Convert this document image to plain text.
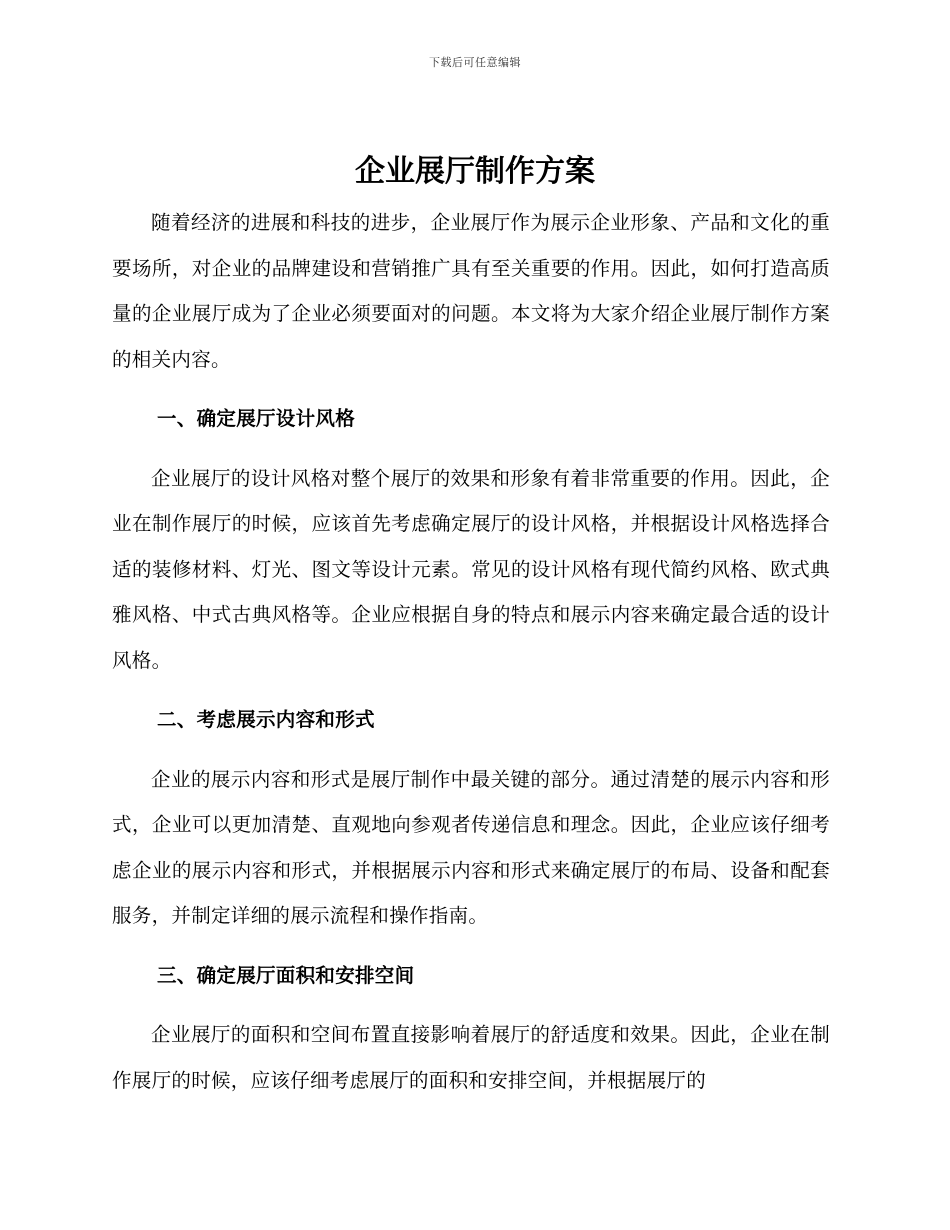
下载后可任意编辑
企业展厅制作方案

随着经济的进展和科技的进步，企业展厅作为展示企业形象、产品和文化的重要场所，对企业的品牌建设和营销推广具有至关重要的作用。因此，如何打造高质量的企业展厅成为了企业必须要面对的问题。本文将为大家介绍企业展厅制作方案的相关内容。

一、确定展厅设计风格

企业展厅的设计风格对整个展厅的效果和形象有着非常重要的作用。因此，企业在制作展厅的时候，应该首先考虑确定展厅的设计风格，并根据设计风格选择合适的装修材料、灯光、图文等设计元素。常见的设计风格有现代简约风格、欧式典雅风格、中式古典风格等。企业应根据自身的特点和展示内容来确定最合适的设计风格。

二、考虑展示内容和形式

企业的展示内容和形式是展厅制作中最关键的部分。通过清楚的展示内容和形式，企业可以更加清楚、直观地向参观者传递信息和理念。因此，企业应该仔细考虑企业的展示内容和形式，并根据展示内容和形式来确定展厅的布局、设备和配套服务，并制定详细的展示流程和操作指南。

三、确定展厅面积和安排空间

企业展厅的面积和空间布置直接影响着展厅的舒适度和效果。因此，企业在制作展厅的时候，应该仔细考虑展厅的面积和安排空间，并根据展厅的
